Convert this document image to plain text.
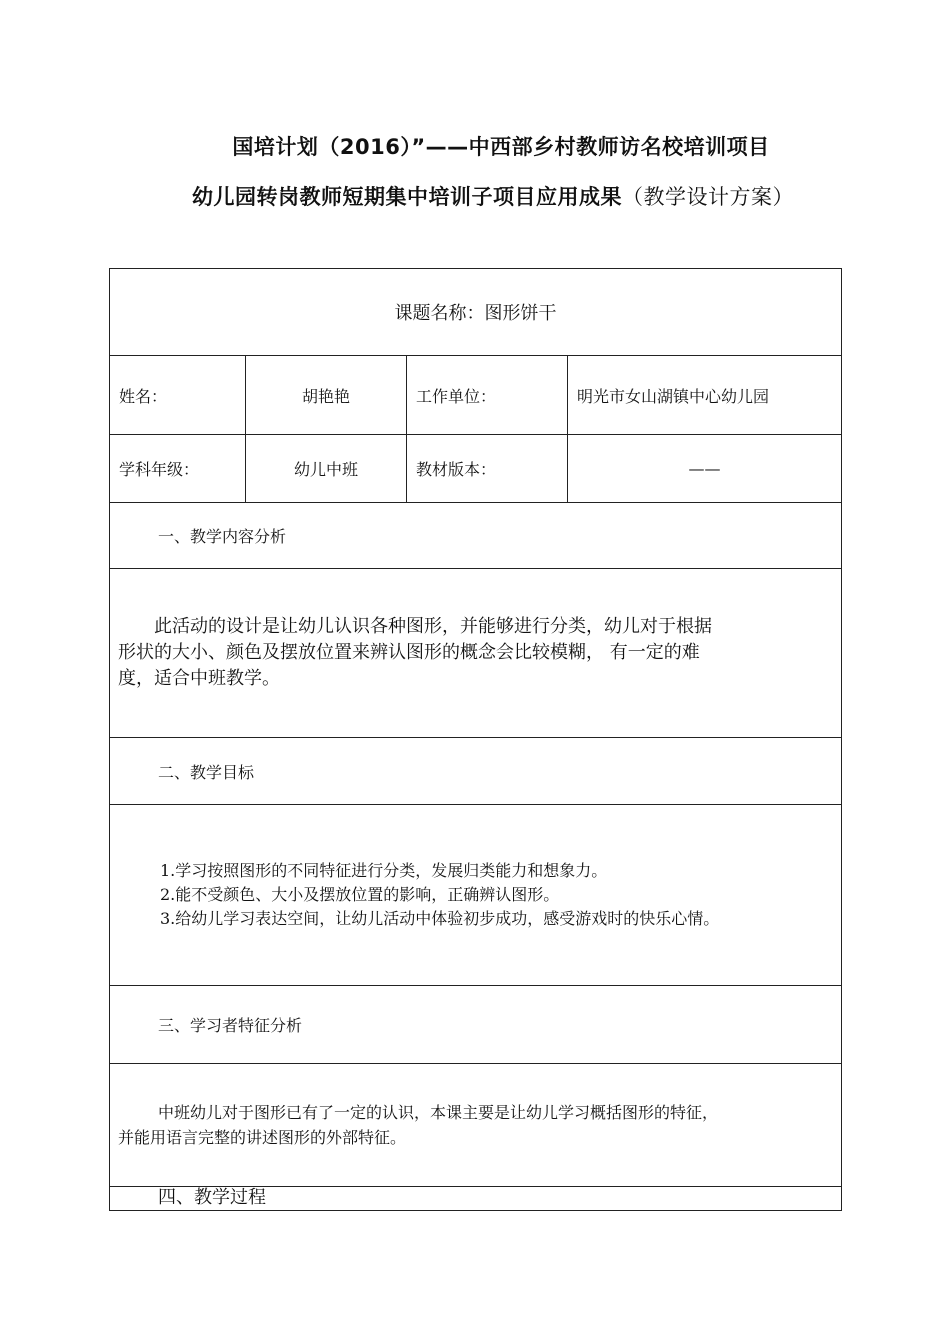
国培计划（2016）”——中西部乡村教师访名校培训项目
幼儿园转岗教师短期集中培训子项目应用成果（教学设计方案）
课题名称：图形饼干			
姓名：	胡艳艳	工作单位：	明光市女山湖镇中心幼儿园
学科年级：	幼儿中班	教材版本：	——
一、教学内容分析			

此活动的设计是让幼儿认识各种图形，并能够进行分类，幼儿对于根据
形状的大小、颜色及摆放位置来辨认图形的概念会比较模糊， 有一定的难
度，适合中班教学。			

二、教学目标			

1.学习按照图形的不同特征进行分类，发展归类能力和想象力。
2.能不受颜色、大小及摆放位置的影响，正确辨认图形。
3.给幼儿学习表达空间，让幼儿活动中体验初步成功，感受游戏时的快乐心情。			

三、学习者特征分析			

中班幼儿对于图形已有了一定的认识，本课主要是让幼儿学习概括图形的特征，
并能用语言完整的讲述图形的外部特征。			

四、教学过程			
